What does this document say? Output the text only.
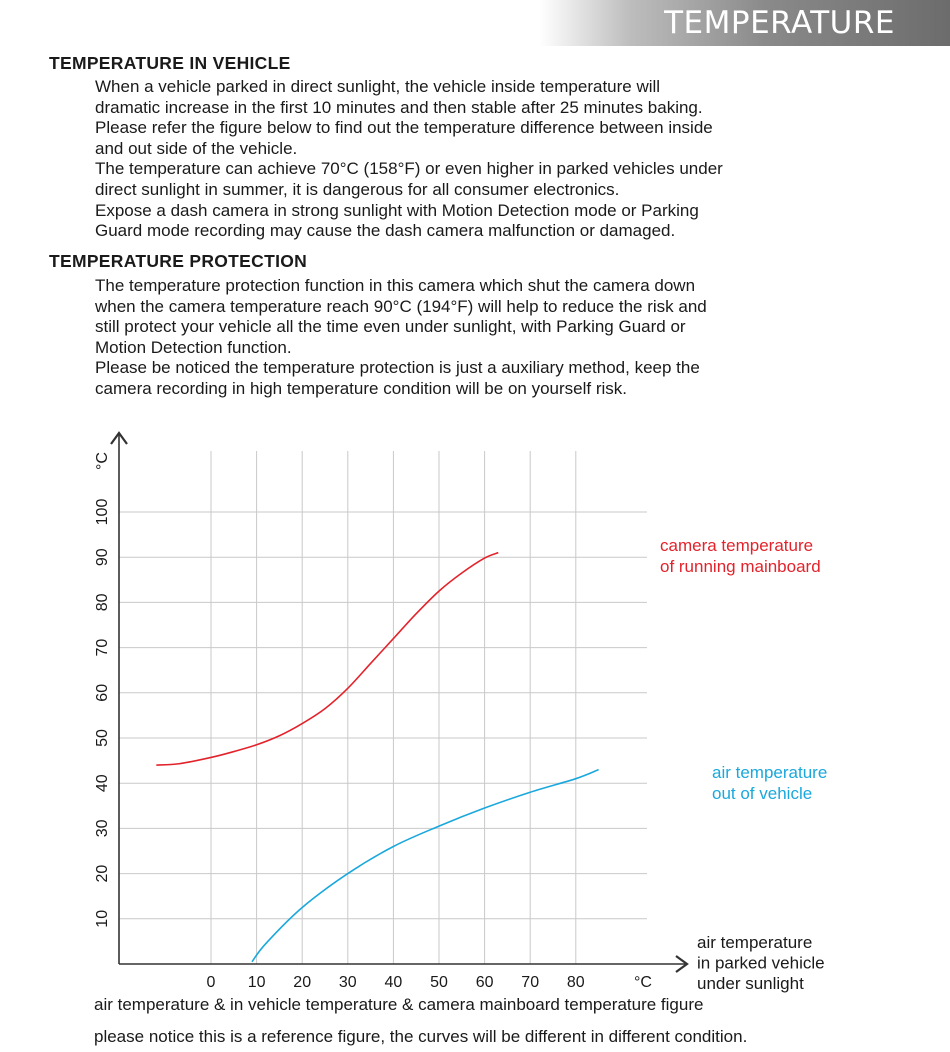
TEMPERATURE
TEMPERATURE IN VEHICLE
When a vehicle parked in direct sunlight, the vehicle inside temperature will
dramatic increase in the first 10 minutes and then stable after 25 minutes baking.
Please refer the figure below to find out the temperature difference between inside
and out side of the vehicle.
The temperature can achieve 70°C (158°F) or even higher in parked vehicles under
direct sunlight in summer, it is dangerous for all consumer electronics.
Expose a dash camera in strong sunlight with Motion Detection mode or Parking
Guard mode recording may cause the dash camera malfunction or damaged.
TEMPERATURE PROTECTION
The temperature protection function in this camera which shut the camera down
when the camera temperature reach 90°C (194°F) will help to reduce the risk and
still protect your vehicle all the time even under sunlight, with Parking Guard or
Motion Detection function.
Please be noticed the temperature protection is just a auxiliary method, keep the
camera recording in high temperature condition will be on yourself risk.
0 10 20 30 40 50 60 70 80	°C
10
20
30
40
50
60
70
80
90
100
°C
air temperature
in parked vehicle
under sunlight
camera temperature
of running mainboard
air temperature
out of vehicle
air temperature & in vehicle temperature & camera mainboard temperature figure
please notice this is a reference figure, the curves will be different in different condition.
